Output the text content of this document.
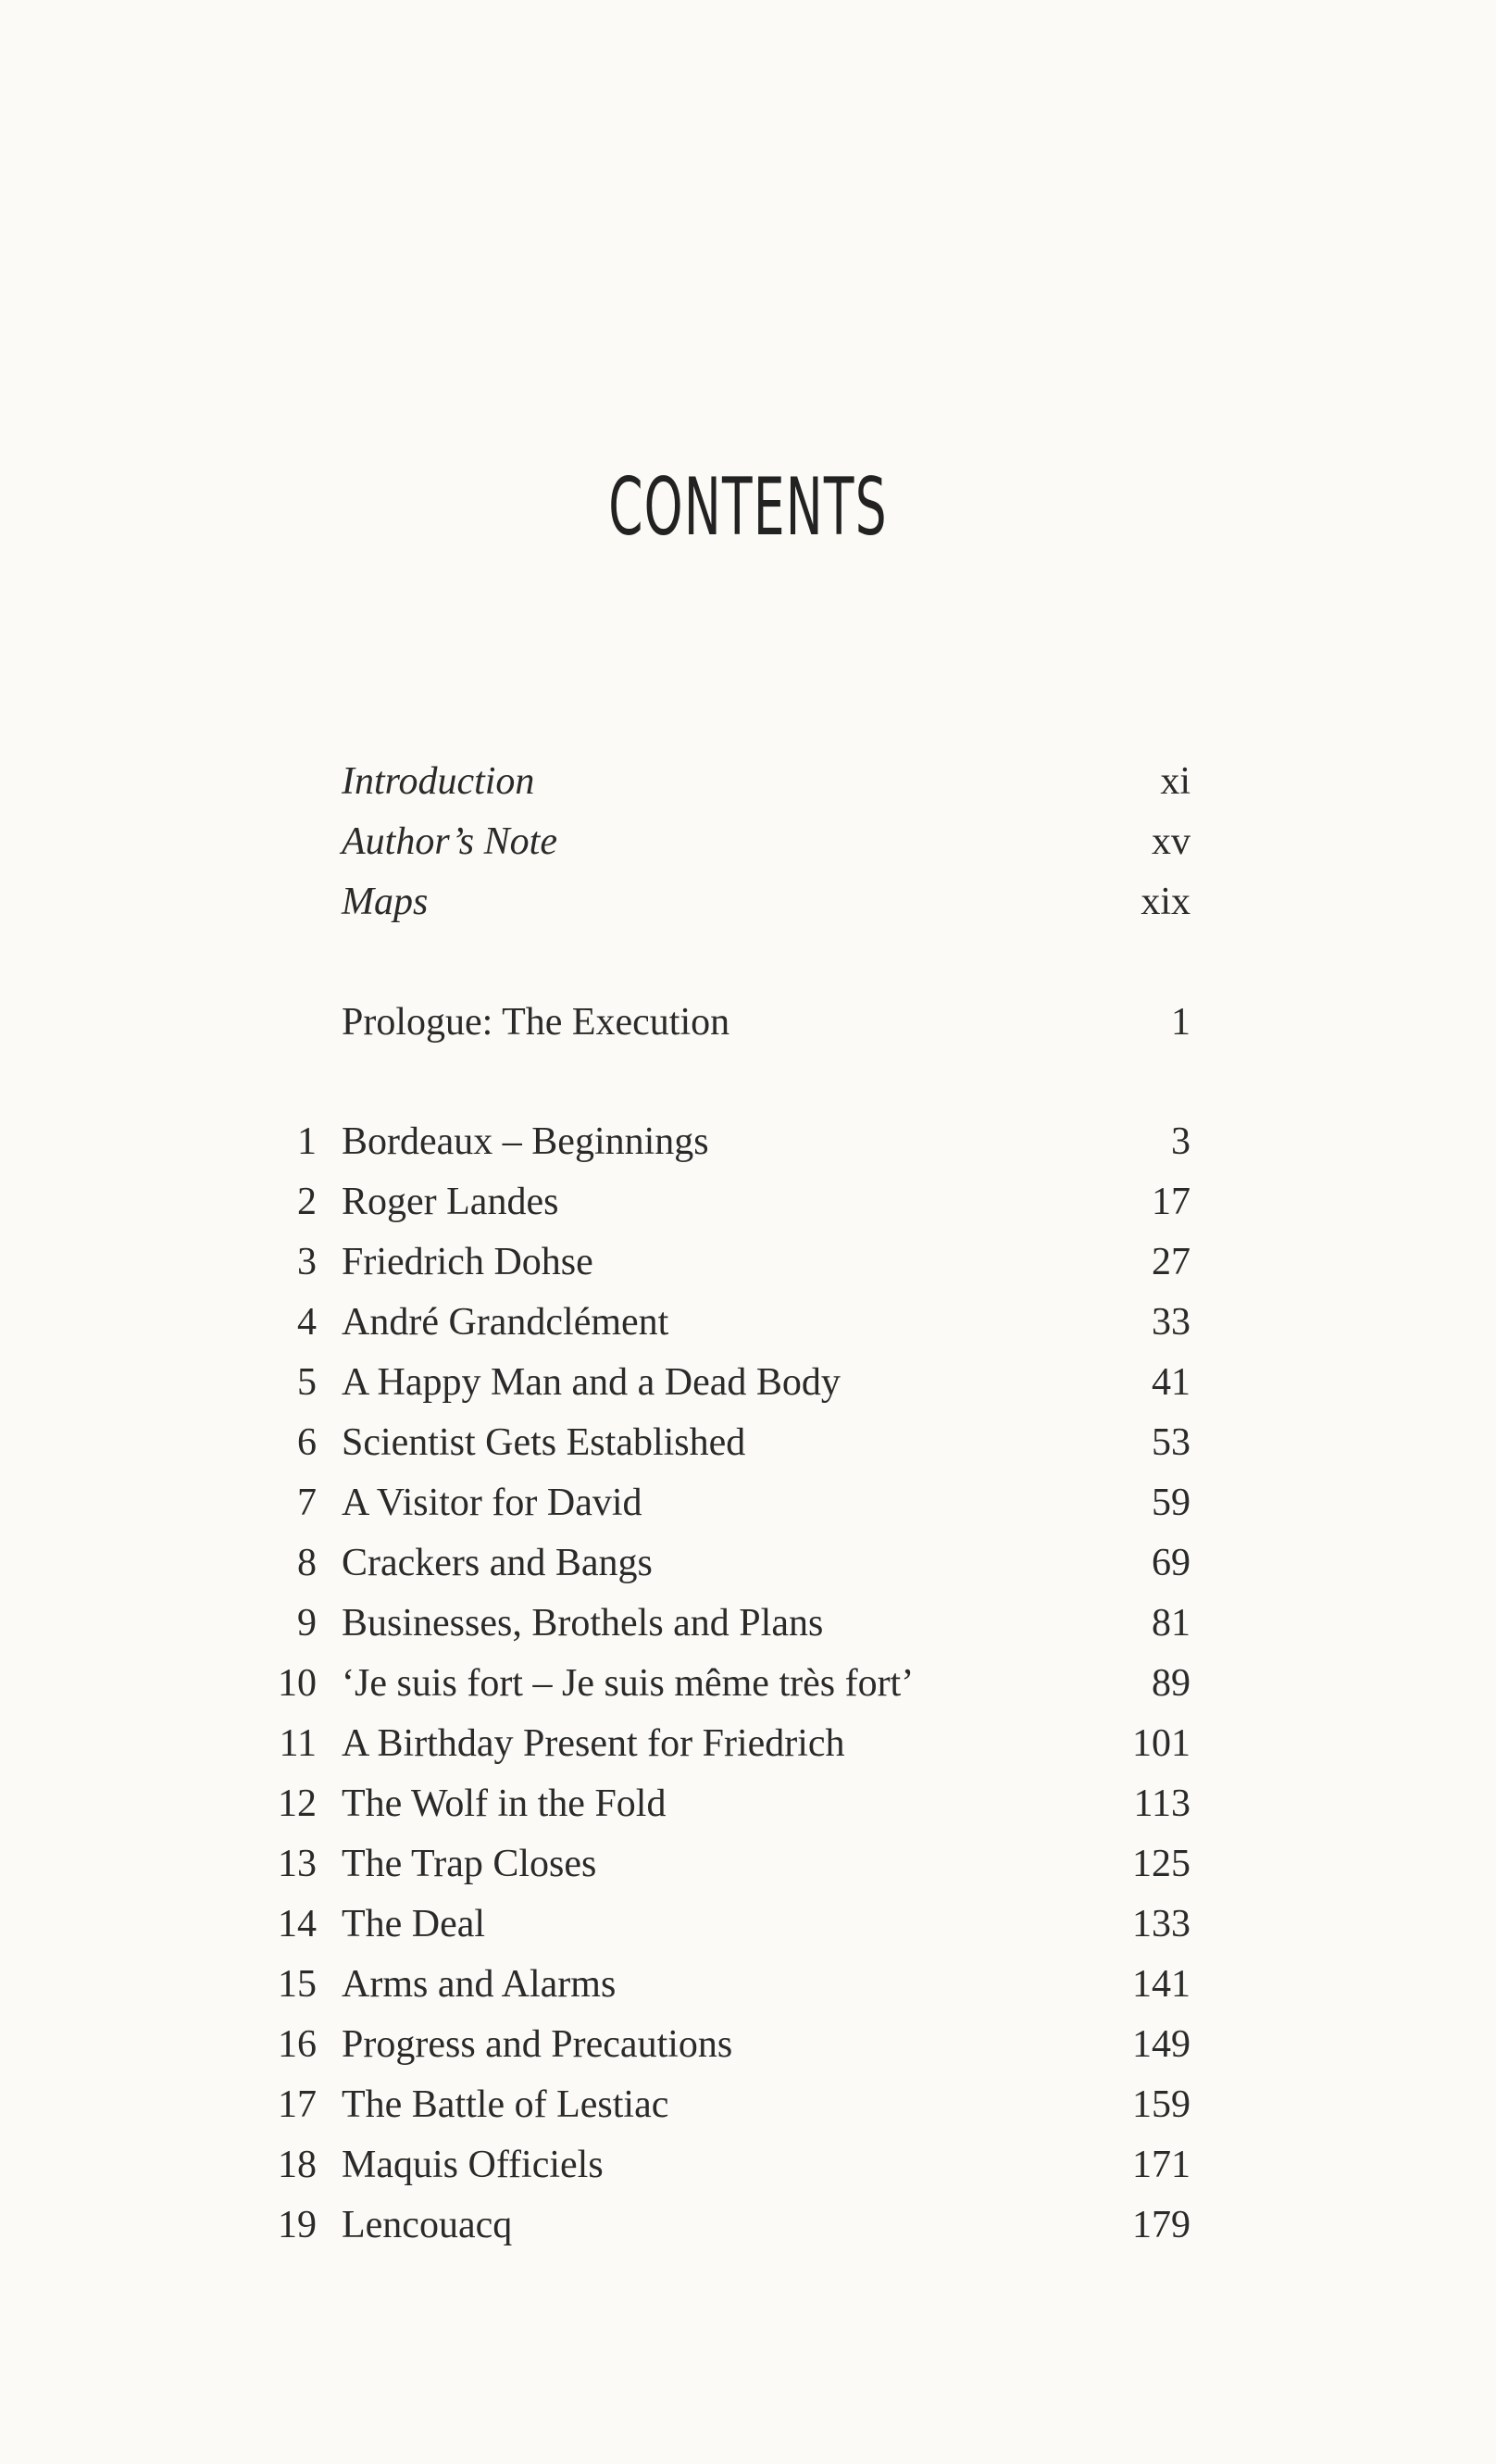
CONTENTS
Introduction	xi
Author’s Note	xv
Maps	xix
Prologue: The Execution	1
1 Bordeaux – Beginnings	3
2 Roger Landes	17
3 Friedrich Dohse	27
4 André Grandclément	33
5 A Happy Man and a Dead Body	41
6 Scientist Gets Established	53
7 A Visitor for David	59
8 Crackers and Bangs	69
9 Businesses, Brothels and Plans	81
10 ‘Je suis fort – Je suis même très fort’	89
11 A Birthday Present for Friedrich	101
12 The Wolf in the Fold	113
13 The Trap Closes	125
14 The Deal	133
15 Arms and Alarms	141
16 Progress and Precautions	149
17 The Battle of Lestiac	159
18 Maquis Officiels	171
19 Lencouacq	179
